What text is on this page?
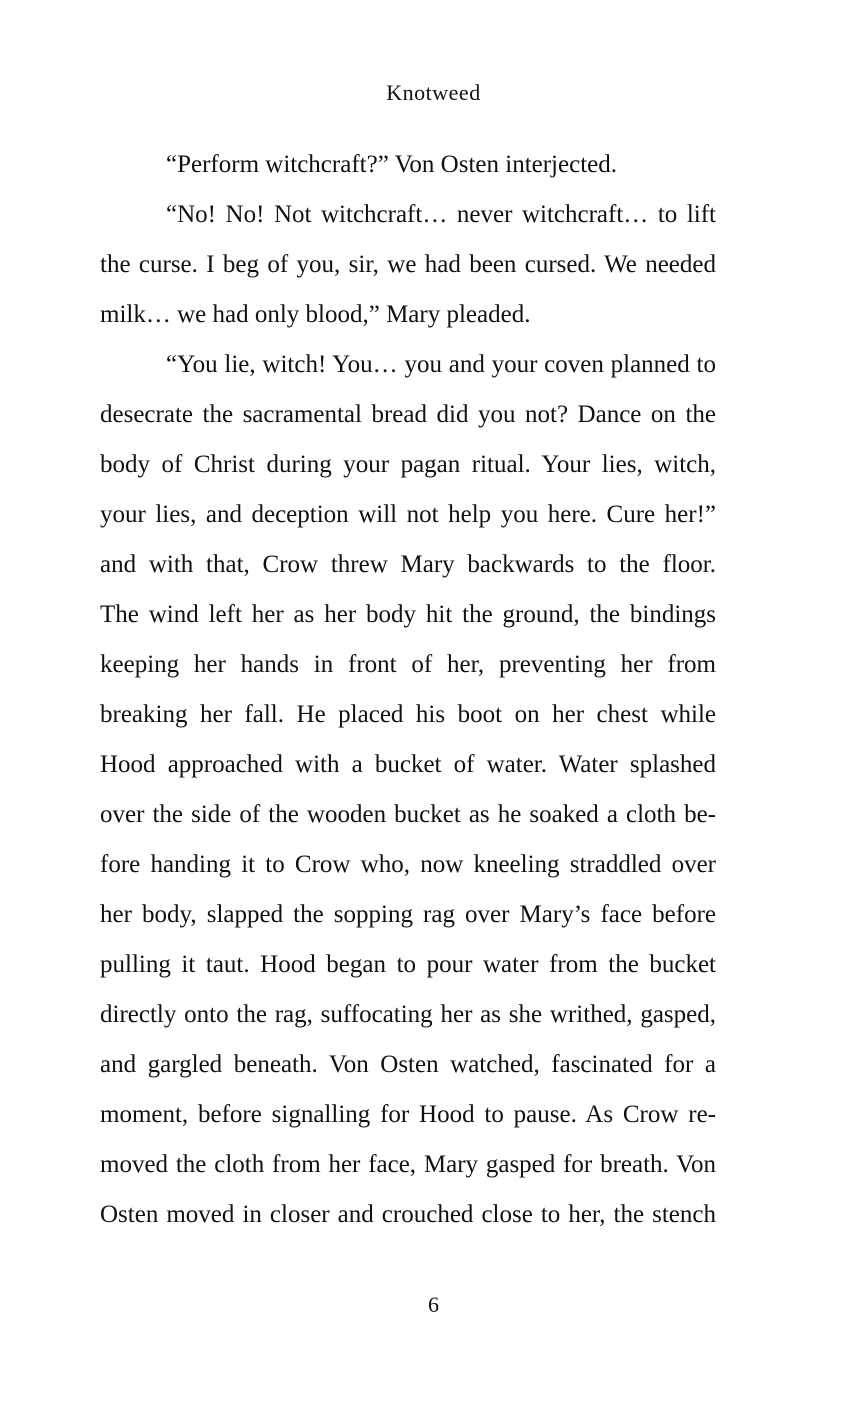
Knotweed
“Perform witchcraft?” Von Osten interjected.
“No! No! Not witchcraft… never witchcraft… to lift
the curse. I beg of you, sir, we had been cursed. We needed
milk… we had only blood,” Mary pleaded.
“You lie, witch! You… you and your coven planned to
desecrate the sacramental bread did you not? Dance on the
body of Christ during your pagan ritual. Your lies, witch,
your lies, and deception will not help you here. Cure her!”
and with that, Crow threw Mary backwards to the floor.
The wind left her as her body hit the ground, the bindings
keeping her hands in front of her, preventing her from
breaking her fall. He placed his boot on her chest while
Hood approached with a bucket of water. Water splashed
over the side of the wooden bucket as he soaked a cloth be-
fore handing it to Crow who, now kneeling straddled over
her body, slapped the sopping rag over Mary’s face before
pulling it taut. Hood began to pour water from the bucket
directly onto the rag, suffocating her as she writhed, gasped,
and gargled beneath. Von Osten watched, fascinated for a
moment, before signalling for Hood to pause. As Crow re-
moved the cloth from her face, Mary gasped for breath. Von
Osten moved in closer and crouched close to her, the stench
6
